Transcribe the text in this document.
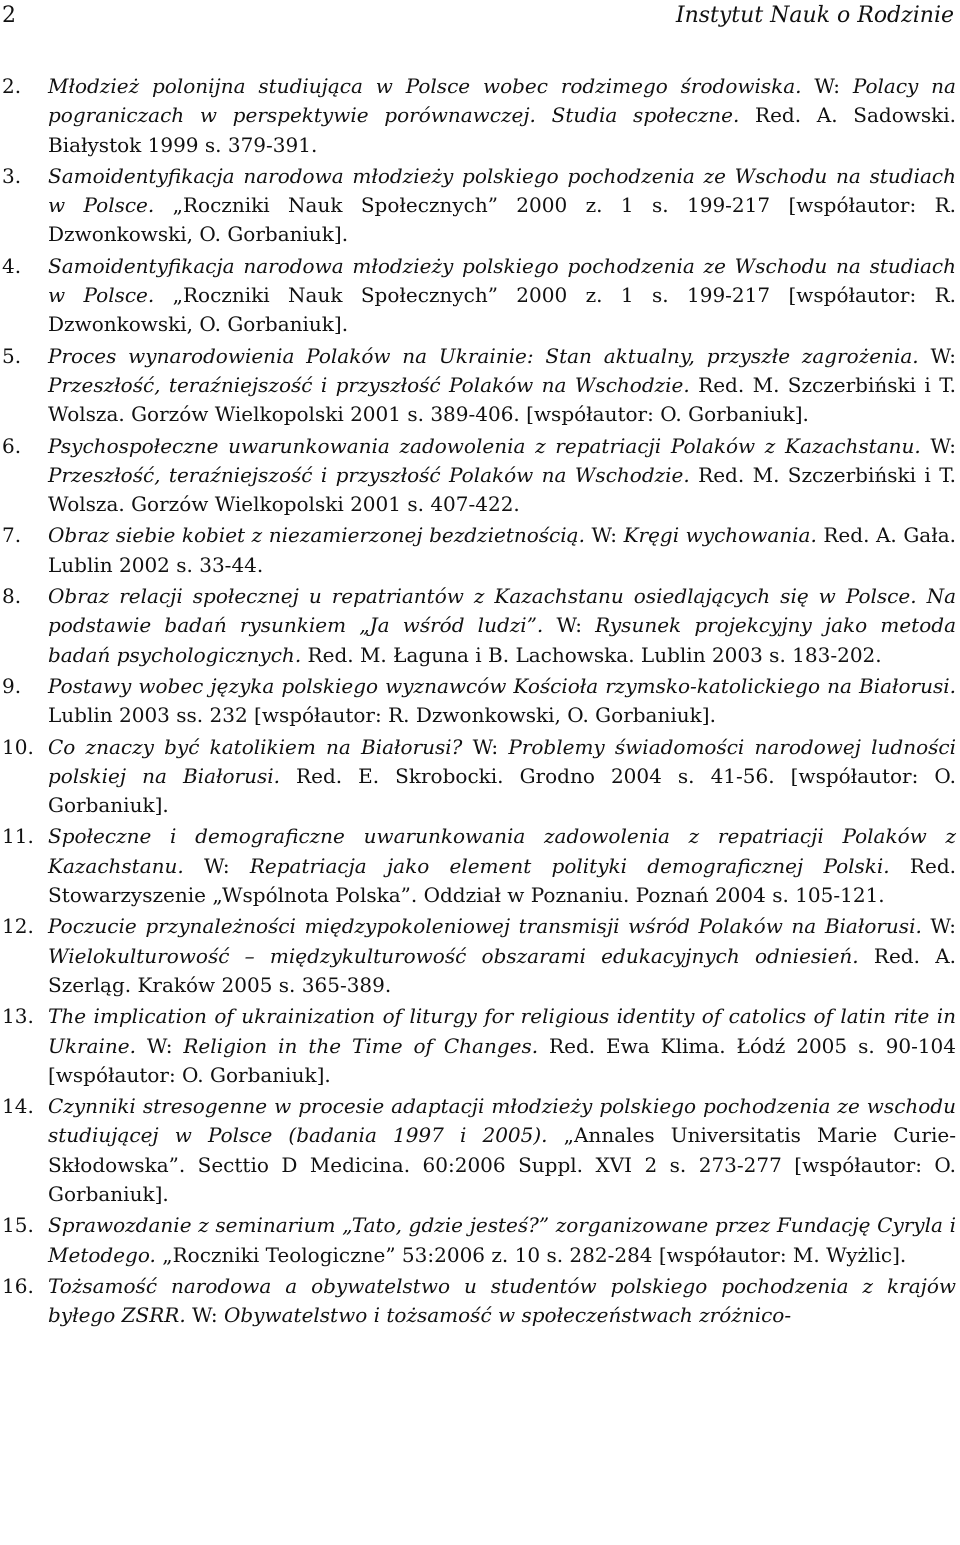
2	Instytut Nauk o Rodzinie
2. Młodzież polonijna studiująca w Polsce wobec rodzimego środowiska. W: Polacy na pograniczach w perspektywie porównawczej. Studia społeczne. Red. A. Sadowski. Białystok 1999 s. 379-391.
3. Samoidentyfikacja narodowa młodzieży polskiego pochodzenia ze Wschodu na studiach w Polsce. „Roczniki Nauk Społecznych” 2000 z. 1 s. 199-217 [współautor: R. Dzwonkowski, O. Gorbaniuk].
4. Samoidentyfikacja narodowa młodzieży polskiego pochodzenia ze Wschodu na studiach w Polsce. „Roczniki Nauk Społecznych” 2000 z. 1 s. 199-217 [współautor: R. Dzwonkowski, O. Gorbaniuk].
5. Proces wynarodowienia Polaków na Ukrainie: Stan aktualny, przyszłe zagrożenia. W: Przeszłość, teraźniejszość i przyszłość Polaków na Wschodzie. Red. M. Szczerbiński i T. Wolsza. Gorzów Wielkopolski 2001 s. 389-406. [współautor: O. Gorbaniuk].
6. Psychospołeczne uwarunkowania zadowolenia z repatriacji Polaków z Kazachstanu. W: Przeszłość, teraźniejszość i przyszłość Polaków na Wschodzie. Red. M. Szczerbiński i T. Wolsza. Gorzów Wielkopolski 2001 s. 407-422.
7. Obraz siebie kobiet z niezamierzonej bezdzietnością. W: Kręgi wychowania. Red. A. Gała. Lublin 2002 s. 33-44.
8. Obraz relacji społecznej u repatriantów z Kazachstanu osiedlających się w Polsce. Na podstawie badań rysunkiem „Ja wśród ludzi”. W: Rysunek projekcyjny jako metoda badań psychologicznych. Red. M. Łaguna i B. Lachowska. Lublin 2003 s. 183-202.
9. Postawy wobec języka polskiego wyznawców Kościoła rzymsko-katolickiego na Białorusi. Lublin 2003 ss. 232 [współautor: R. Dzwonkowski, O. Gorbaniuk].
10. Co znaczy być katolikiem na Białorusi? W: Problemy świadomości narodowej ludności polskiej na Białorusi. Red. E. Skrobocki. Grodno 2004 s. 41-56. [współautor: O. Gorbaniuk].
11. Społeczne i demograficzne uwarunkowania zadowolenia z repatriacji Polaków z Kazachstanu. W: Repatriacja jako element polityki demograficznej Polski. Red. Stowarzyszenie „Wspólnota Polska”. Oddział w Poznaniu. Poznań 2004 s. 105-121.
12. Poczucie przynależności międzypokoleniowej transmisji wśród Polaków na Białorusi. W: Wielokulturowość – międzykulturowość obszarami edukacyjnych odniesień. Red. A. Szerląg. Kraków 2005 s. 365-389.
13. The implication of ukrainization of liturgy for religious identity of catolics of latin rite in Ukraine. W: Religion in the Time of Changes. Red. Ewa Klima. Łódź 2005 s. 90-104 [współautor: O. Gorbaniuk].
14. Czynniki stresogenne w procesie adaptacji młodzieży polskiego pochodzenia ze wschodu studiującej w Polsce (badania 1997 i 2005). „Annales Universitatis Marie Curie-Skłodowska”. Secttio D Medicina. 60:2006 Suppl. XVI 2 s. 273-277 [współautor: O. Gorbaniuk].
15. Sprawozdanie z seminarium „Tato, gdzie jesteś?” zorganizowane przez Fundację Cyryla i Metodego. „Roczniki Teologiczne” 53:2006 z. 10 s. 282-284 [współautor: M. Wyżlic].
16. Tożsamość narodowa a obywatelstwo u studentów polskiego pochodzenia z krajów byłego ZSRR. W: Obywatelstwo i tożsamość w społeczeństwach zróżnico-
